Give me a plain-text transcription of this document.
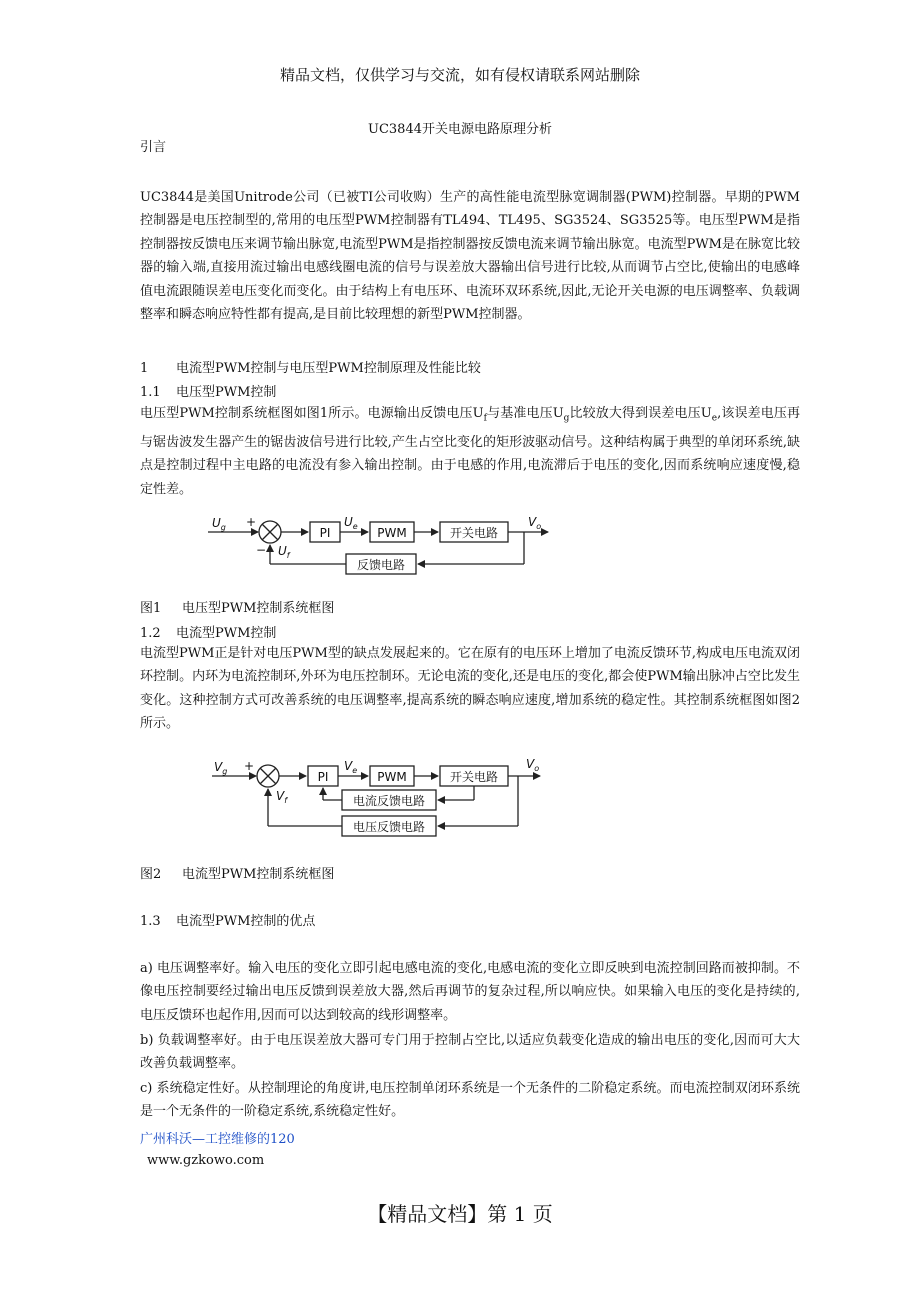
精品文档，仅供学习与交流，如有侵权请联系网站删除
UC3844开关电源电路原理分析
引言

UC3844是美国Unitrode公司（已被TI公司收购）生产的高性能电流型脉宽调制器(PWM)控制器。早期的PWM控制器是电压控制型的,常用的电压型PWM控制器有TL494、TL495、SG3524、SG3525等。电压型PWM是指控制器按反馈电压来调节输出脉宽,电流型PWM是指控制器按反馈电流来调节输出脉宽。电流型PWM是在脉宽比较器的输入端,直接用流过输出电感线圈电流的信号与误差放大器输出信号进行比较,从而调节占空比,使输出的电感峰值电流跟随误差电压变化而变化。由于结构上有电压环、电流环双环系统,因此,无论开关电源的电压调整率、负载调整率和瞬态响应特性都有提高,是目前比较理想的新型PWM控制器。

1 电流型PWM控制与电压型PWM控制原理及性能比较
1.1 电压型PWM控制

电压型PWM控制系统框图如图1所示。电源输出反馈电压$U_f$与基准电压$U_g$比较放大得到误差电压$U_e$,该误差电压再与锯齿波发生器产生的锯齿波信号进行比较,产生占空比变化的矩形波驱动信号。这种结构属于典型的单闭环系统,缺点是控制过程中主电路的电流没有参入输出控制。由于电感的作用,电流滞后于电压的变化,因而系统响应速度慢,稳定性差。

$U_g$ +
− $U_f$
PI
$U_e$ PWM	开关电路
$V_o$
反馈电路
图1 电压型PWM控制系统框图
1.2 电流型PWM控制

电流型PWM正是针对电压PWM型的缺点发展起来的。它在原有的电压环上增加了电流反馈环节,构成电压电流双闭环控制。内环为电流控制环,外环为电压控制环。无论电流的变化,还是电压的变化,都会使PWM输出脉冲占空比发生变化。这种控制方式可改善系统的电压调整率,提高系统的瞬态响应速度,增加系统的稳定性。其控制系统框图如图2所示。

$V_g$ +
$V_f$
PI
$V_e$ PWM	开关电路
$V_o$
电流反馈电路
电压反馈电路
图2 电流型PWM控制系统框图
1.3 电流型PWM控制的优点

a) 电压调整率好。输入电压的变化立即引起电感电流的变化,电感电流的变化立即反映到电流控制回路而被抑制。不像电压控制要经过输出电压反馈到误差放大器,然后再调节的复杂过程,所以响应快。如果输入电压的变化是持续的,电压反馈环也起作用,因而可以达到较高的线形调整率。

b) 负载调整率好。由于电压误差放大器可专门用于控制占空比,以适应负载变化造成的输出电压的变化,因而可大大改善负载调整率。

c) 系统稳定性好。从控制理论的角度讲,电压控制单闭环系统是一个无条件的二阶稳定系统。而电流控制双闭环系统是一个无条件的一阶稳定系统,系统稳定性好。

广州科沃—工控维修的120
www.gzkowo.com
【精品文档】第 1 页
